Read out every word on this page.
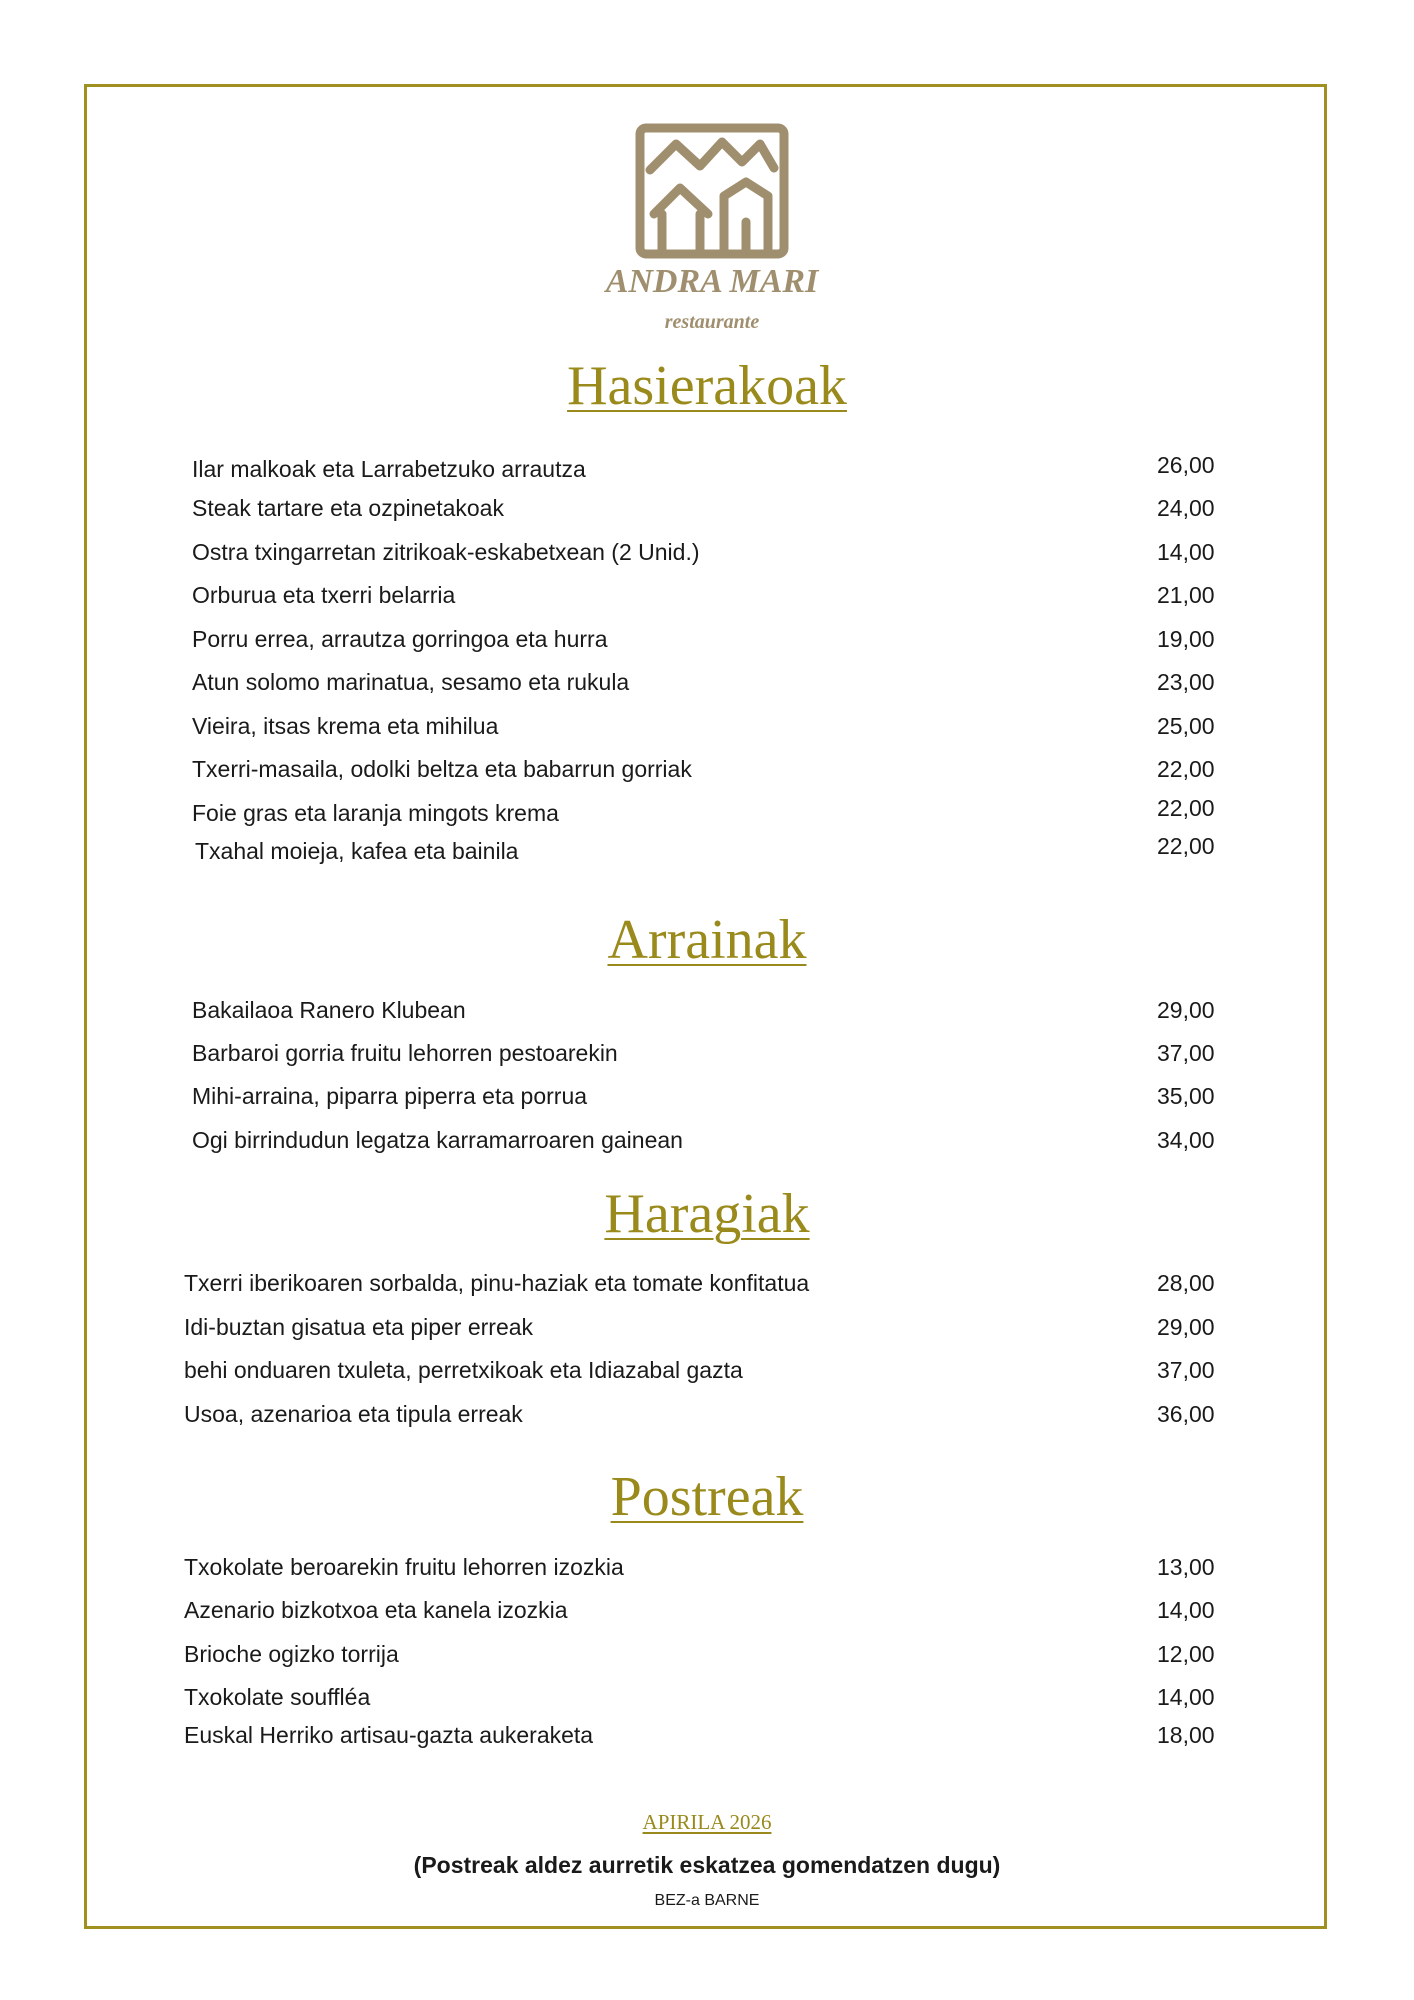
ANDRA MARI
restaurante
Hasierakoak
Ilar malkoak eta Larrabetzuko arrautza	26,00
Steak tartare eta ozpinetakoak	24,00
Ostra txingarretan zitrikoak-eskabetxean (2 Unid.)	14,00
Orburua eta txerri belarria	21,00
Porru errea, arrautza gorringoa eta hurra	19,00
Atun solomo marinatua, sesamo eta rukula	23,00
Vieira, itsas krema eta mihilua	25,00
Txerri-masaila, odolki beltza eta babarrun gorriak	22,00
Foie gras eta laranja mingots krema	22,00
Txahal moieja, kafea eta bainila	22,00
Arrainak
Bakailaoa Ranero Klubean	29,00
Barbaroi gorria fruitu lehorren pestoarekin	37,00
Mihi-arraina, piparra piperra eta porrua	35,00
Ogi birrindudun legatza karramarroaren gainean	34,00
Haragiak
Txerri iberikoaren sorbalda, pinu-haziak eta tomate konfitatua	28,00
Idi-buztan gisatua eta piper erreak	29,00
behi onduaren txuleta, perretxikoak eta Idiazabal gazta	37,00
Usoa, azenarioa eta tipula erreak	36,00
Postreak
Txokolate beroarekin fruitu lehorren izozkia	13,00
Azenario bizkotxoa eta kanela izozkia	14,00
Brioche ogizko torrija	12,00
Txokolate souffléa	14,00
Euskal Herriko artisau-gazta aukeraketa	18,00
APIRILA 2026
(Postreak aldez aurretik eskatzea gomendatzen dugu)
BEZ-a BARNE
